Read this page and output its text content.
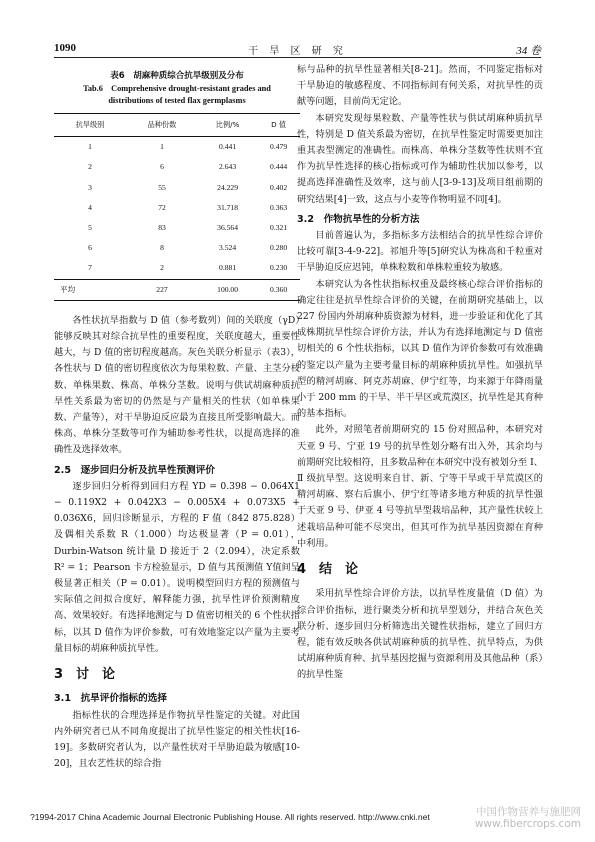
1090	干 旱 区 研 究	34 卷
表6　胡麻种质综合抗旱级别及分布
Tab.6　Comprehensive drought-resistant grades and distributions of tested flax germplasms
抗旱级别	品种份数	比例/%	D 值
1	1	0.441	0.479
2	6	2.643	0.444
3	55	24.229	0.402
4	72	31.718	0.363
5	83	36.564	0.321
6	8	3.524	0.280
7	2	0.881	0.230
平均	227	100.00	0.360

各性状抗旱指数与 D 值（参考数列）间的关联度（γD）能够反映其对综合抗旱性的重要程度，关联度越大，重要性越大，与 D 值的密切程度越高。灰色关联分析显示（表3），各性状与 D 值的密切程度依次为每果粒数、产量、主茎分枝数、单株果数、株高、单株分茎数。说明与供试胡麻种质抗旱性关系最为密切的仍然是与产量相关的性状（如单株果数、产量等），对干旱胁迫反应最为直接且所受影响最大。而株高、单株分茎数等可作为辅助参考性状，以提高选择的准确性及选择效率。

2.5　逐步回归分析及抗旱性预测评价

逐步回归分析得到回归方程 YD = 0.398 − 0.064X1 − 0.119X2 + 0.042X3 − 0.005X4 + 0.073X5 + 0.036X6，回归诊断显示，方程的 F 值（842 875.828）及偶相关系数 R（1.000）均达极显著（P = 0.01），Durbin-Watson 统计量 D 接近于 2（2.094），决定系数 R² = 1；Pearson 卡方检验显示，D 值与其预测值 Y值间呈极显著正相关（P = 0.01）。说明模型回归方程的预测值与实际值之间拟合度好，解释能力强，抗旱性评价预测精度高、效果较好。有选择地测定与 D 值密切相关的 6 个性状指标，以其 D 值作为评价参数，可有效地鉴定以产量为主要考量目标的胡麻种质抗旱性。

3　讨　论
3.1　抗旱评价指标的选择

指标性状的合理选择是作物抗旱性鉴定的关键。对此国内外研究者已从不同角度提出了抗旱性鉴定的相关性状[16-19]。多数研究者认为，以产量性状对干旱胁迫最为敏感[10-20]，且农艺性状的综合指

标与品种的抗旱性显著相关[8-21]。然而，不同鉴定指标对干旱胁迫的敏感程度、不同指标间有何关系，对抗旱性的贡献等问题，目前尚无定论。

本研究发现每果粒数、产量等性状与供试胡麻种质抗旱性，特别是 D 值关系最为密切，在抗旱性鉴定时需要更加注重其表型测定的准确性。而株高、单株分茎数等性状则不宜作为抗旱性选择的核心指标或可作为辅助性状加以参考，以提高选择准确性及效率，这与前人[3-9-13]及项目组前期的研究结果[4]一致，这点与小麦等作物明显不同[4]。

3.2　作物抗旱性的分析方法

目前普遍认为，多指标多方法相结合的抗旱性综合评价比较可靠[3-4-9-22]。祁旭升等[5]研究认为株高和千粒重对干旱胁迫反应迟钝，单株粒数和单株粒重较为敏感。

本研究认为各性状指标权重及最终核心综合评价指标的确定往往是抗旱性综合评价的关键，在前期研究基础上，以 227 份国内外胡麻种质资源为材料，进一步验证和优化了其成株期抗旱性综合评价方法，并认为有选择地测定与 D 值密切相关的 6 个性状指标，以其 D 值作为评价参数可有效准确的鉴定以产量为主要考量目标的胡麻种质抗旱性。如强抗旱型的精河胡麻、阿克苏胡麻、伊宁红等，均来源于年降雨量小于 200 mm 的干旱、半干旱区或荒漠区，抗旱性是其育种的基本指标。

此外，对照笔者前期研究的 15 份对照品种，本研究对天亚 9 号、宁亚 19 号的抗旱性划分略有出入外，其余均与前期研究比较相符，且多数品种在本研究中没有被划分至 Ⅰ、Ⅱ 级抗旱型。这说明来自甘、新、宁等干旱或干旱荒漠区的精河胡麻、察右后旗小、伊宁红等诸多地方种质的抗旱性强于天亚 9 号、伊亚 4 号等抗旱型栽培品种，其产量性状较上述栽培品种可能不尽突出，但其可作为抗旱基因资源在育种中利用。

4　结　论

采用抗旱性综合评价方法，以抗旱性度量值（D 值）为综合评价指标，进行聚类分析和抗旱型划分，并结合灰色关联分析、逐步回归分析筛选出关键性状指标，建立了回归方程，能有效反映各供试胡麻种质的抗旱性、抗旱特点，为供试胡麻种质育种、抗旱基因挖掘与资源利用及其他品种（系）的抗旱性鉴

?1994-2017 China Academic Journal Electronic Publishing House. All rights reserved. http://www.cnki.net	中国作物营养与施肥网
www.fibercrops.com
